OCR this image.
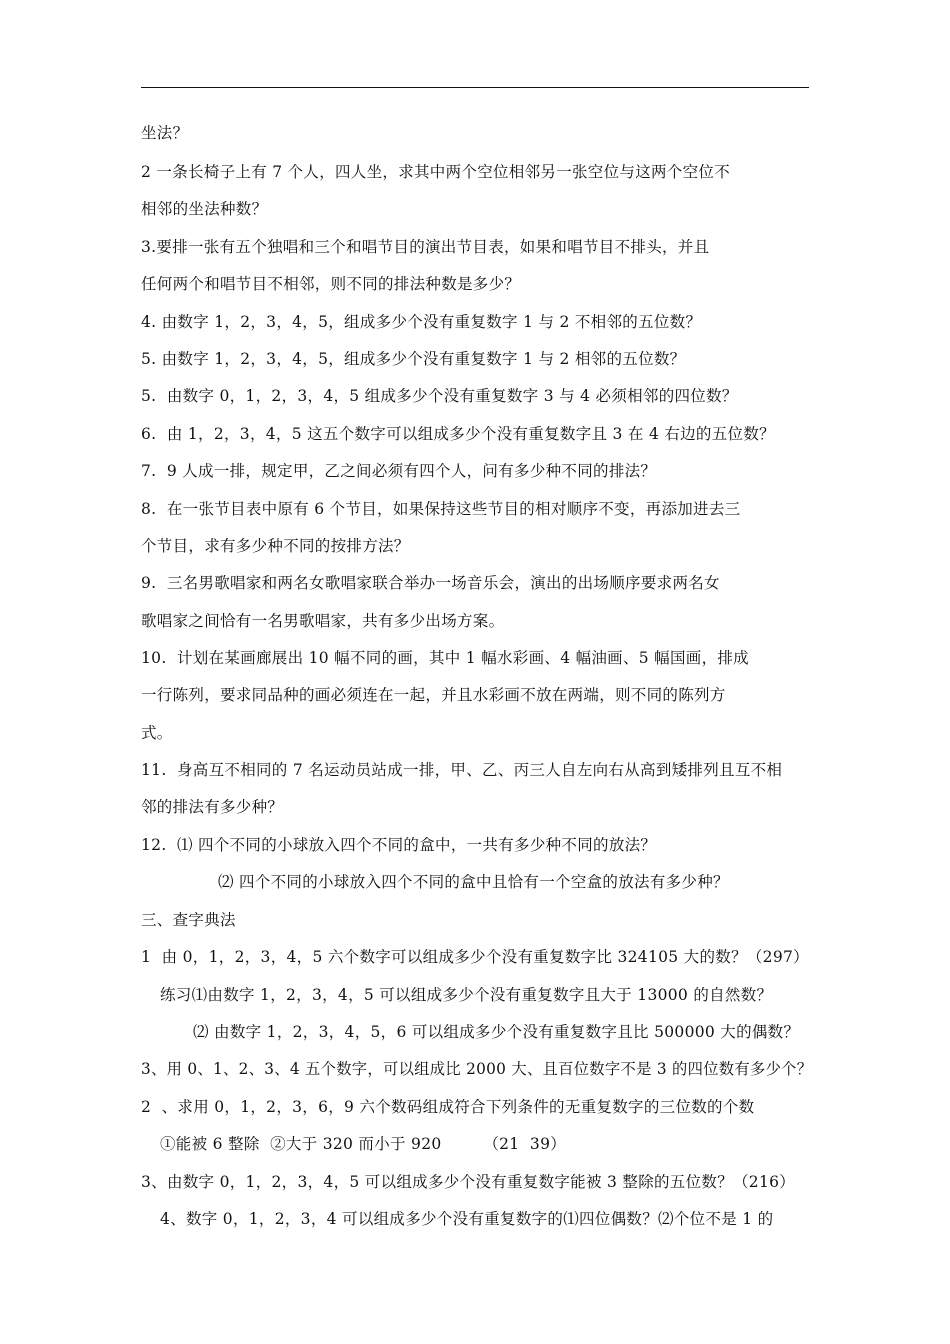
坐法？
2 一条长椅子上有 7 个人，四人坐，求其中两个空位相邻另一张空位与这两个空位不
相邻的坐法种数？
3.要排一张有五个独唱和三个和唱节目的演出节目表，如果和唱节目不排头，并且
任何两个和唱节目不相邻，则不同的排法种数是多少？
4. 由数字 1，2，3，4，5，组成多少个没有重复数字 1 与 2 不相邻的五位数？
5. 由数字 1，2，3，4，5，组成多少个没有重复数字 1 与 2 相邻的五位数？
5.  由数字 0，1，2，3，4，5 组成多少个没有重复数字 3 与 4 必须相邻的四位数？
6.  由 1，2，3，4，5 这五个数字可以组成多少个没有重复数字且 3 在 4 右边的五位数？
7.  9 人成一排，规定甲，乙之间必须有四个人，问有多少种不同的排法？
8.  在一张节目表中原有 6 个节目，如果保持这些节目的相对顺序不变，再添加进去三
个节目，求有多少种不同的按排方法？
9.  三名男歌唱家和两名女歌唱家联合举办一场音乐会，演出的出场顺序要求两名女
歌唱家之间恰有一名男歌唱家，共有多少出场方案。
10.  计划在某画廊展出 10 幅不同的画，其中 1 幅水彩画、4 幅油画、5 幅国画，排成
一行陈列，要求同品种的画必须连在一起，并且水彩画不放在两端，则不同的陈列方
式。
11.  身高互不相同的 7 名运动员站成一排，甲、乙、丙三人自左向右从高到矮排列且互不相
邻的排法有多少种？
12.  ⑴ 四个不同的小球放入四个不同的盒中，一共有多少种不同的放法？
⑵ 四个不同的小球放入四个不同的盒中且恰有一个空盒的放法有多少种？
三、查字典法
1  由 0，1，2，3，4，5 六个数字可以组成多少个没有重复数字比 324105 大的数？（297）
练习⑴由数字 1，2，3，4，5 可以组成多少个没有重复数字且大于 13000 的自然数？
⑵ 由数字 1，2，3，4，5，6 可以组成多少个没有重复数字且比 500000 大的偶数？
3、用 0、1、2、3、4 五个数字，可以组成比 2000 大、且百位数字不是 3 的四位数有多少个？
2  、求用 0，1，2，3，6，9 六个数码组成符合下列条件的无重复数字的三位数的个数
①能被 6 整除  ②大于 320 而小于 920        （21  39）
3、由数字 0，1，2，3，4，5 可以组成多少个没有重复数字能被 3 整除的五位数？（216）
4、数字 0，1，2，3，4 可以组成多少个没有重复数字的⑴四位偶数？⑵个位不是 1 的
